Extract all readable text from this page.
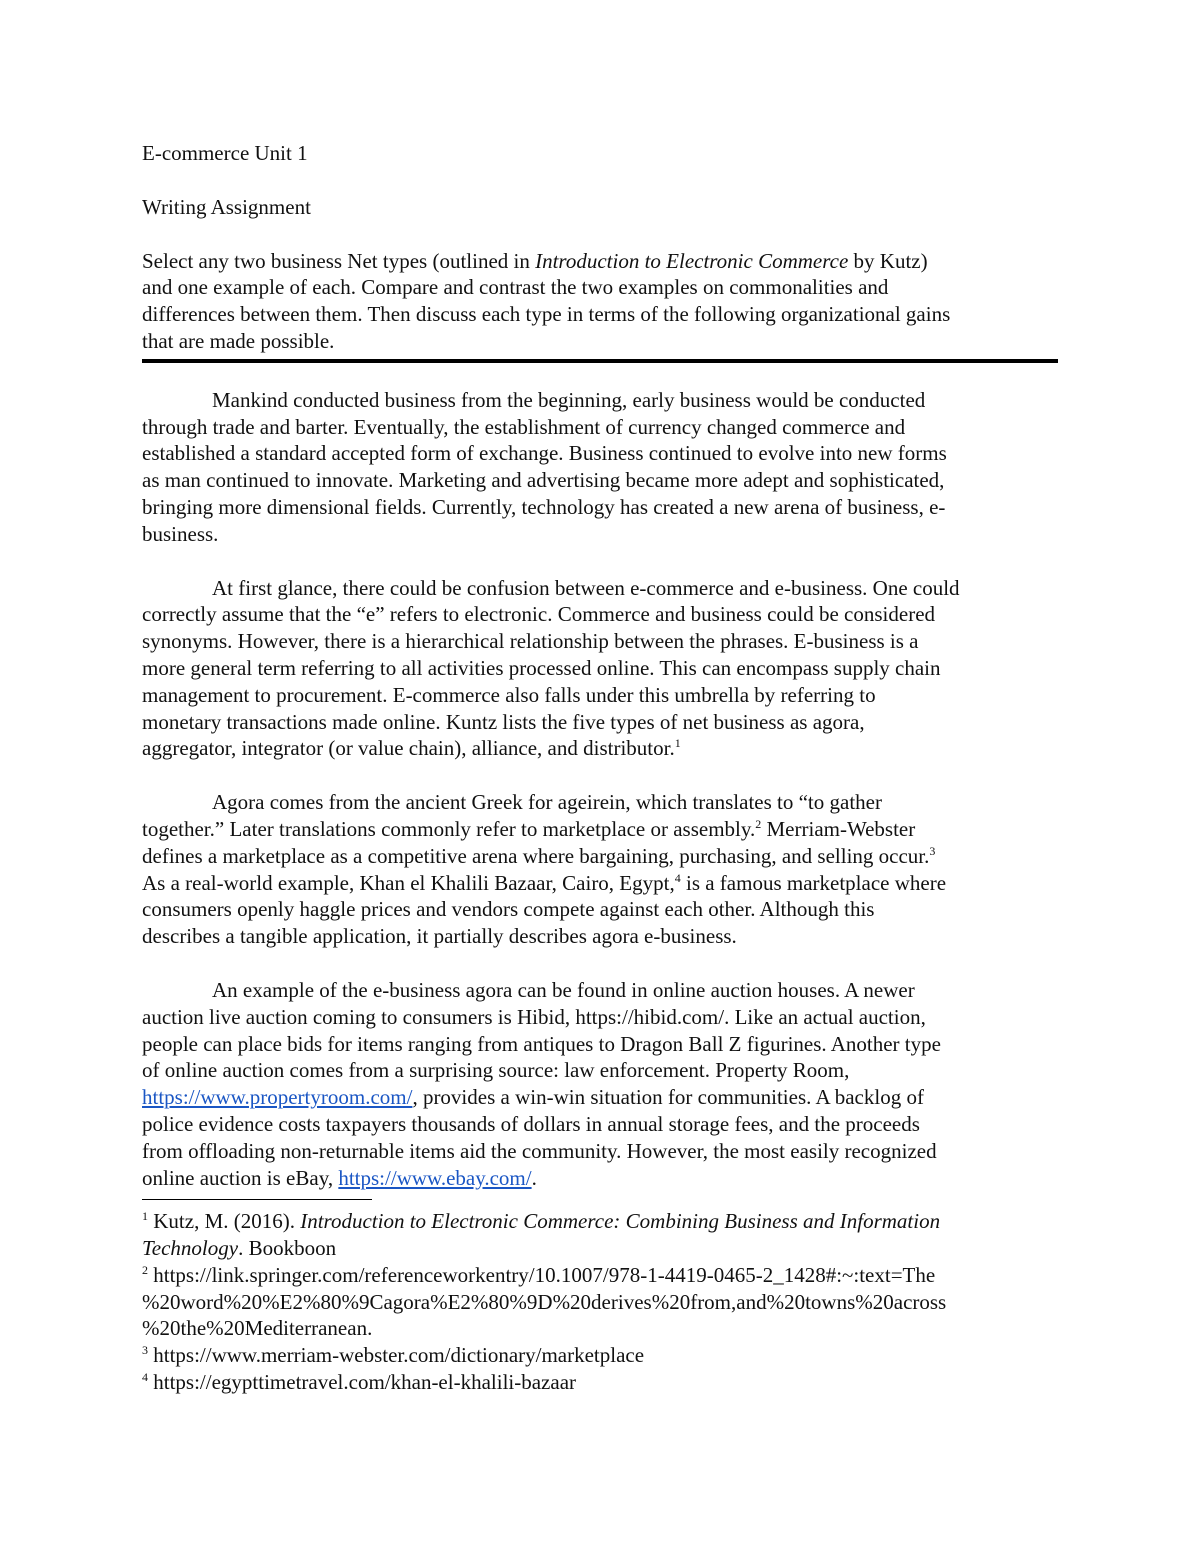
E-commerce Unit 1
Writing Assignment
Select any two business Net types (outlined in Introduction to Electronic Commerce by Kutz)
and one example of each. Compare and contrast the two examples on commonalities and
differences between them. Then discuss each type in terms of the following organizational gains
that are made possible.
Mankind conducted business from the beginning, early business would be conducted
through trade and barter. Eventually, the establishment of currency changed commerce and
established a standard accepted form of exchange. Business continued to evolve into new forms
as man continued to innovate. Marketing and advertising became more adept and sophisticated,
bringing more dimensional fields. Currently, technology has created a new arena of business, e-
business.
At first glance, there could be confusion between e-commerce and e-business. One could
correctly assume that the “e” refers to electronic. Commerce and business could be considered
synonyms. However, there is a hierarchical relationship between the phrases. E-business is a
more general term referring to all activities processed online. This can encompass supply chain
management to procurement. E-commerce also falls under this umbrella by referring to
monetary transactions made online. Kuntz lists the five types of net business as agora,
aggregator, integrator (or value chain), alliance, and distributor.$^1$
Agora comes from the ancient Greek for ageirein, which translates to “to gather
together.” Later translations commonly refer to marketplace or assembly.$^2$ Merriam-Webster
defines a marketplace as a competitive arena where bargaining, purchasing, and selling occur.$^3$
As a real-world example, Khan el Khalili Bazaar, Cairo, Egypt,$^4$ is a famous marketplace where
consumers openly haggle prices and vendors compete against each other. Although this
describes a tangible application, it partially describes agora e-business.
An example of the e-business agora can be found in online auction houses. A newer
auction live auction coming to consumers is Hibid, https://hibid.com/. Like an actual auction,
people can place bids for items ranging from antiques to Dragon Ball Z figurines. Another type
of online auction comes from a surprising source: law enforcement. Property Room,
https://www.propertyroom.com/, provides a win-win situation for communities. A backlog of
police evidence costs taxpayers thousands of dollars in annual storage fees, and the proceeds
from offloading non-returnable items aid the community. However, the most easily recognized
online auction is eBay, https://www.ebay.com/.
$^1$ Kutz, M. (2016). Introduction to Electronic Commerce: Combining Business and Information
Technology. Bookboon
$^2$ https://link.springer.com/referenceworkentry/10.1007/978-1-4419-0465-2_1428#:~:text=The
%20word%20%E2%80%9Cagora%E2%80%9D%20derives%20from,and%20towns%20across
%20the%20Mediterranean.
$^3$ https://www.merriam-webster.com/dictionary/marketplace
$^4$ https://egypttimetravel.com/khan-el-khalili-bazaar
